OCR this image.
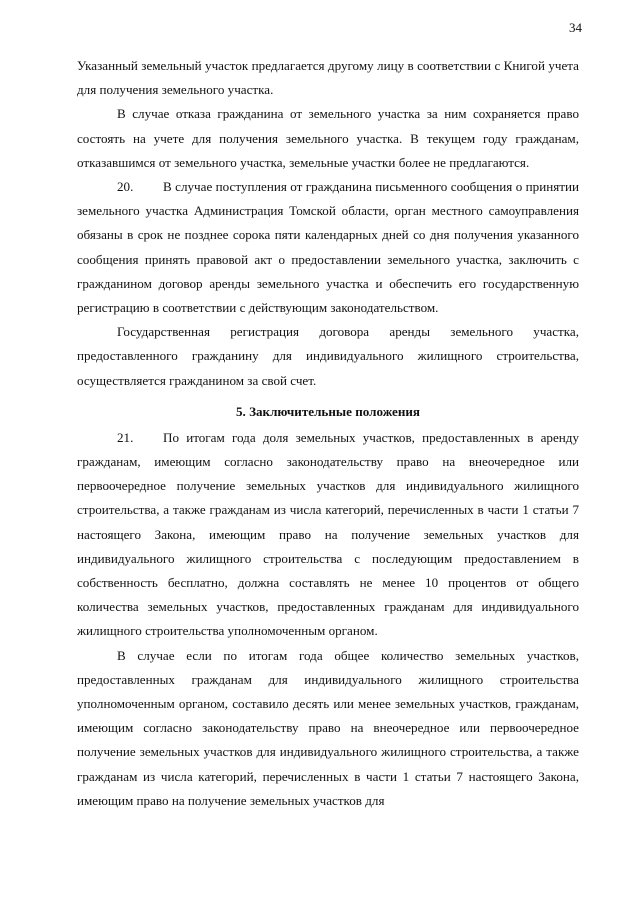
34

Указанный земельный участок предлагается другому лицу в соответствии с Книгой учета для получения земельного участка.

В случае отказа гражданина от земельного участка за ним сохраняется право состоять на учете для получения земельного участка. В текущем году гражданам, отказавшимся от земельного участка, земельные участки более не предлагаются.

20. В случае поступления от гражданина письменного сообщения о принятии земельного участка Администрация Томской области, орган местного самоуправления обязаны в срок не позднее сорока пяти календарных дней со дня получения указанного сообщения принять правовой акт о предоставлении земельного участка, заключить с гражданином договор аренды земельного участка и обеспечить его государственную регистрацию в соответствии с действующим законодательством.

Государственная регистрация договора аренды земельного участка, предоставленного гражданину для индивидуального жилищного строительства, осуществляется гражданином за свой счет.

5. Заключительные положения

21. По итогам года доля земельных участков, предоставленных в аренду гражданам, имеющим согласно законодательству право на внеочередное или первоочередное получение земельных участков для индивидуального жилищного строительства, а также гражданам из числа категорий, перечисленных в части 1 статьи 7 настоящего Закона, имеющим право на получение земельных участков для индивидуального жилищного строительства с последующим предоставлением в собственность бесплатно, должна составлять не менее 10 процентов от общего количества земельных участков, предоставленных гражданам для индивидуального жилищного строительства уполномоченным органом.

В случае если по итогам года общее количество земельных участков, предоставленных гражданам для индивидуального жилищного строительства уполномоченным органом, составило десять или менее земельных участков, гражданам, имеющим согласно законодательству право на внеочередное или первоочередное получение земельных участков для индивидуального жилищного строительства, а также гражданам из числа категорий, перечисленных в части 1 статьи 7 настоящего Закона, имеющим право на получение земельных участков для
